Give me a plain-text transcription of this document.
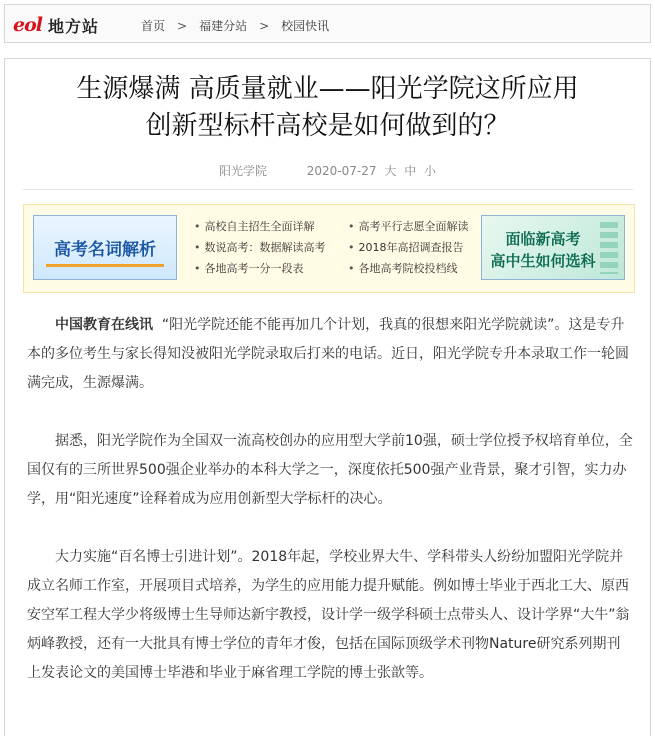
eol 地方站	首页 > 福建分站 > 校园快讯
生源爆满 高质量就业——阳光学院这所应用
创新型标杆高校是如何做到的？
阳光学院	2020-07-27 大 中 小
高考名词解析
• 高校自主招生全面详解	• 高考平行志愿全面解读
• 数说高考：数据解读高考	• 2018年高招调查报告
• 各地高考一分一段表	• 各地高考院校投档线
面临新高考
高中生如何选科

中国教育在线讯 “阳光学院还能不能再加几个计划，我真的很想来阳光学院就读”。这是专升本的多位考生与家长得知没被阳光学院录取后打来的电话。近日，阳光学院专升本录取工作一轮圆满完成，生源爆满。

据悉，阳光学院作为全国双一流高校创办的应用型大学前10强，硕士学位授予权培育单位，全国仅有的三所世界500强企业举办的本科大学之一，深度依托500强产业背景，聚才引智，实力办学，用“阳光速度”诠释着成为应用创新型大学标杆的决心。

大力实施“百名博士引进计划”。2018年起，学校业界大牛、学科带头人纷纷加盟阳光学院并成立名师工作室，开展项目式培养，为学生的应用能力提升赋能。例如博士毕业于西北工大、原西安空军工程大学少将级博士生导师达新宇教授，设计学一级学科硕士点带头人、设计学界“大牛”翁炳峰教授，还有一大批具有博士学位的青年才俊，包括在国际顶级学术刊物Nature研究系列期刊上发表论文的美国博士毕港和毕业于麻省理工学院的博士张歆等。
